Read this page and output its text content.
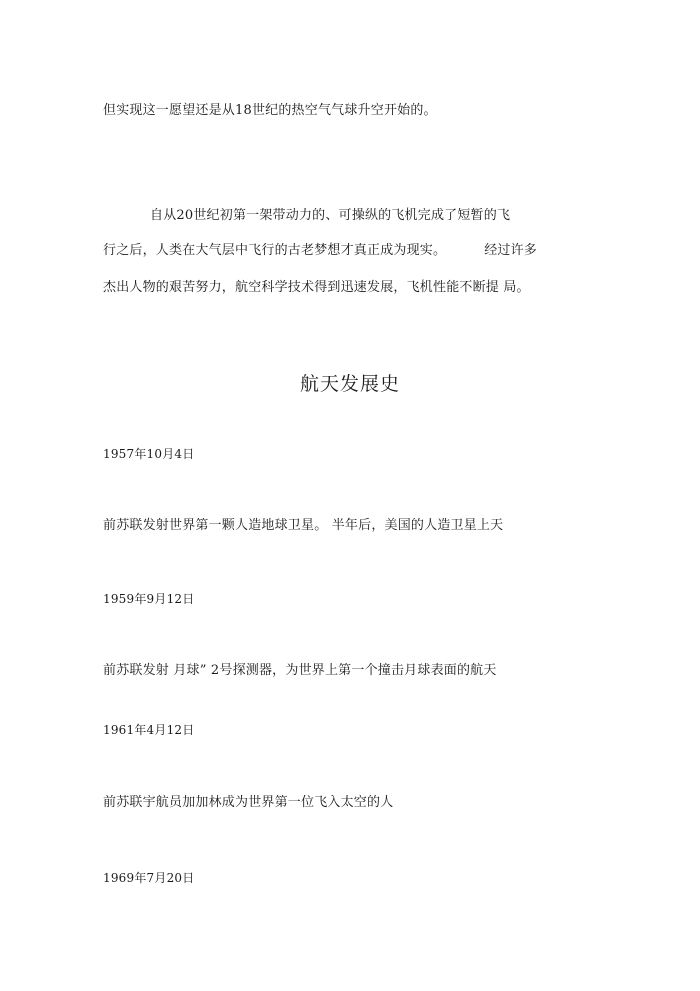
但实现这一愿望还是从18世纪的热空气气球升空开始的。
自从20世纪初第一架带动力的、可操纵的飞机完成了短暂的飞
行之后，人类在大气层中飞行的古老梦想才真正成为现实。	经过许多
杰出人物的艰苦努力，航空科学技术得到迅速发展，飞机性能不断提 局。
航天发展史
1957年10月4日
前苏联发射世界第一颗人造地球卫星。 半年后，美国的人造卫星上天
1959年9月12日
前苏联发射 月球” 2号探测器，为世界上第一个撞击月球表面的航天
1961年4月12日
前苏联宇航员加加林成为世界第一位飞入太空的人
1969年7月20日
